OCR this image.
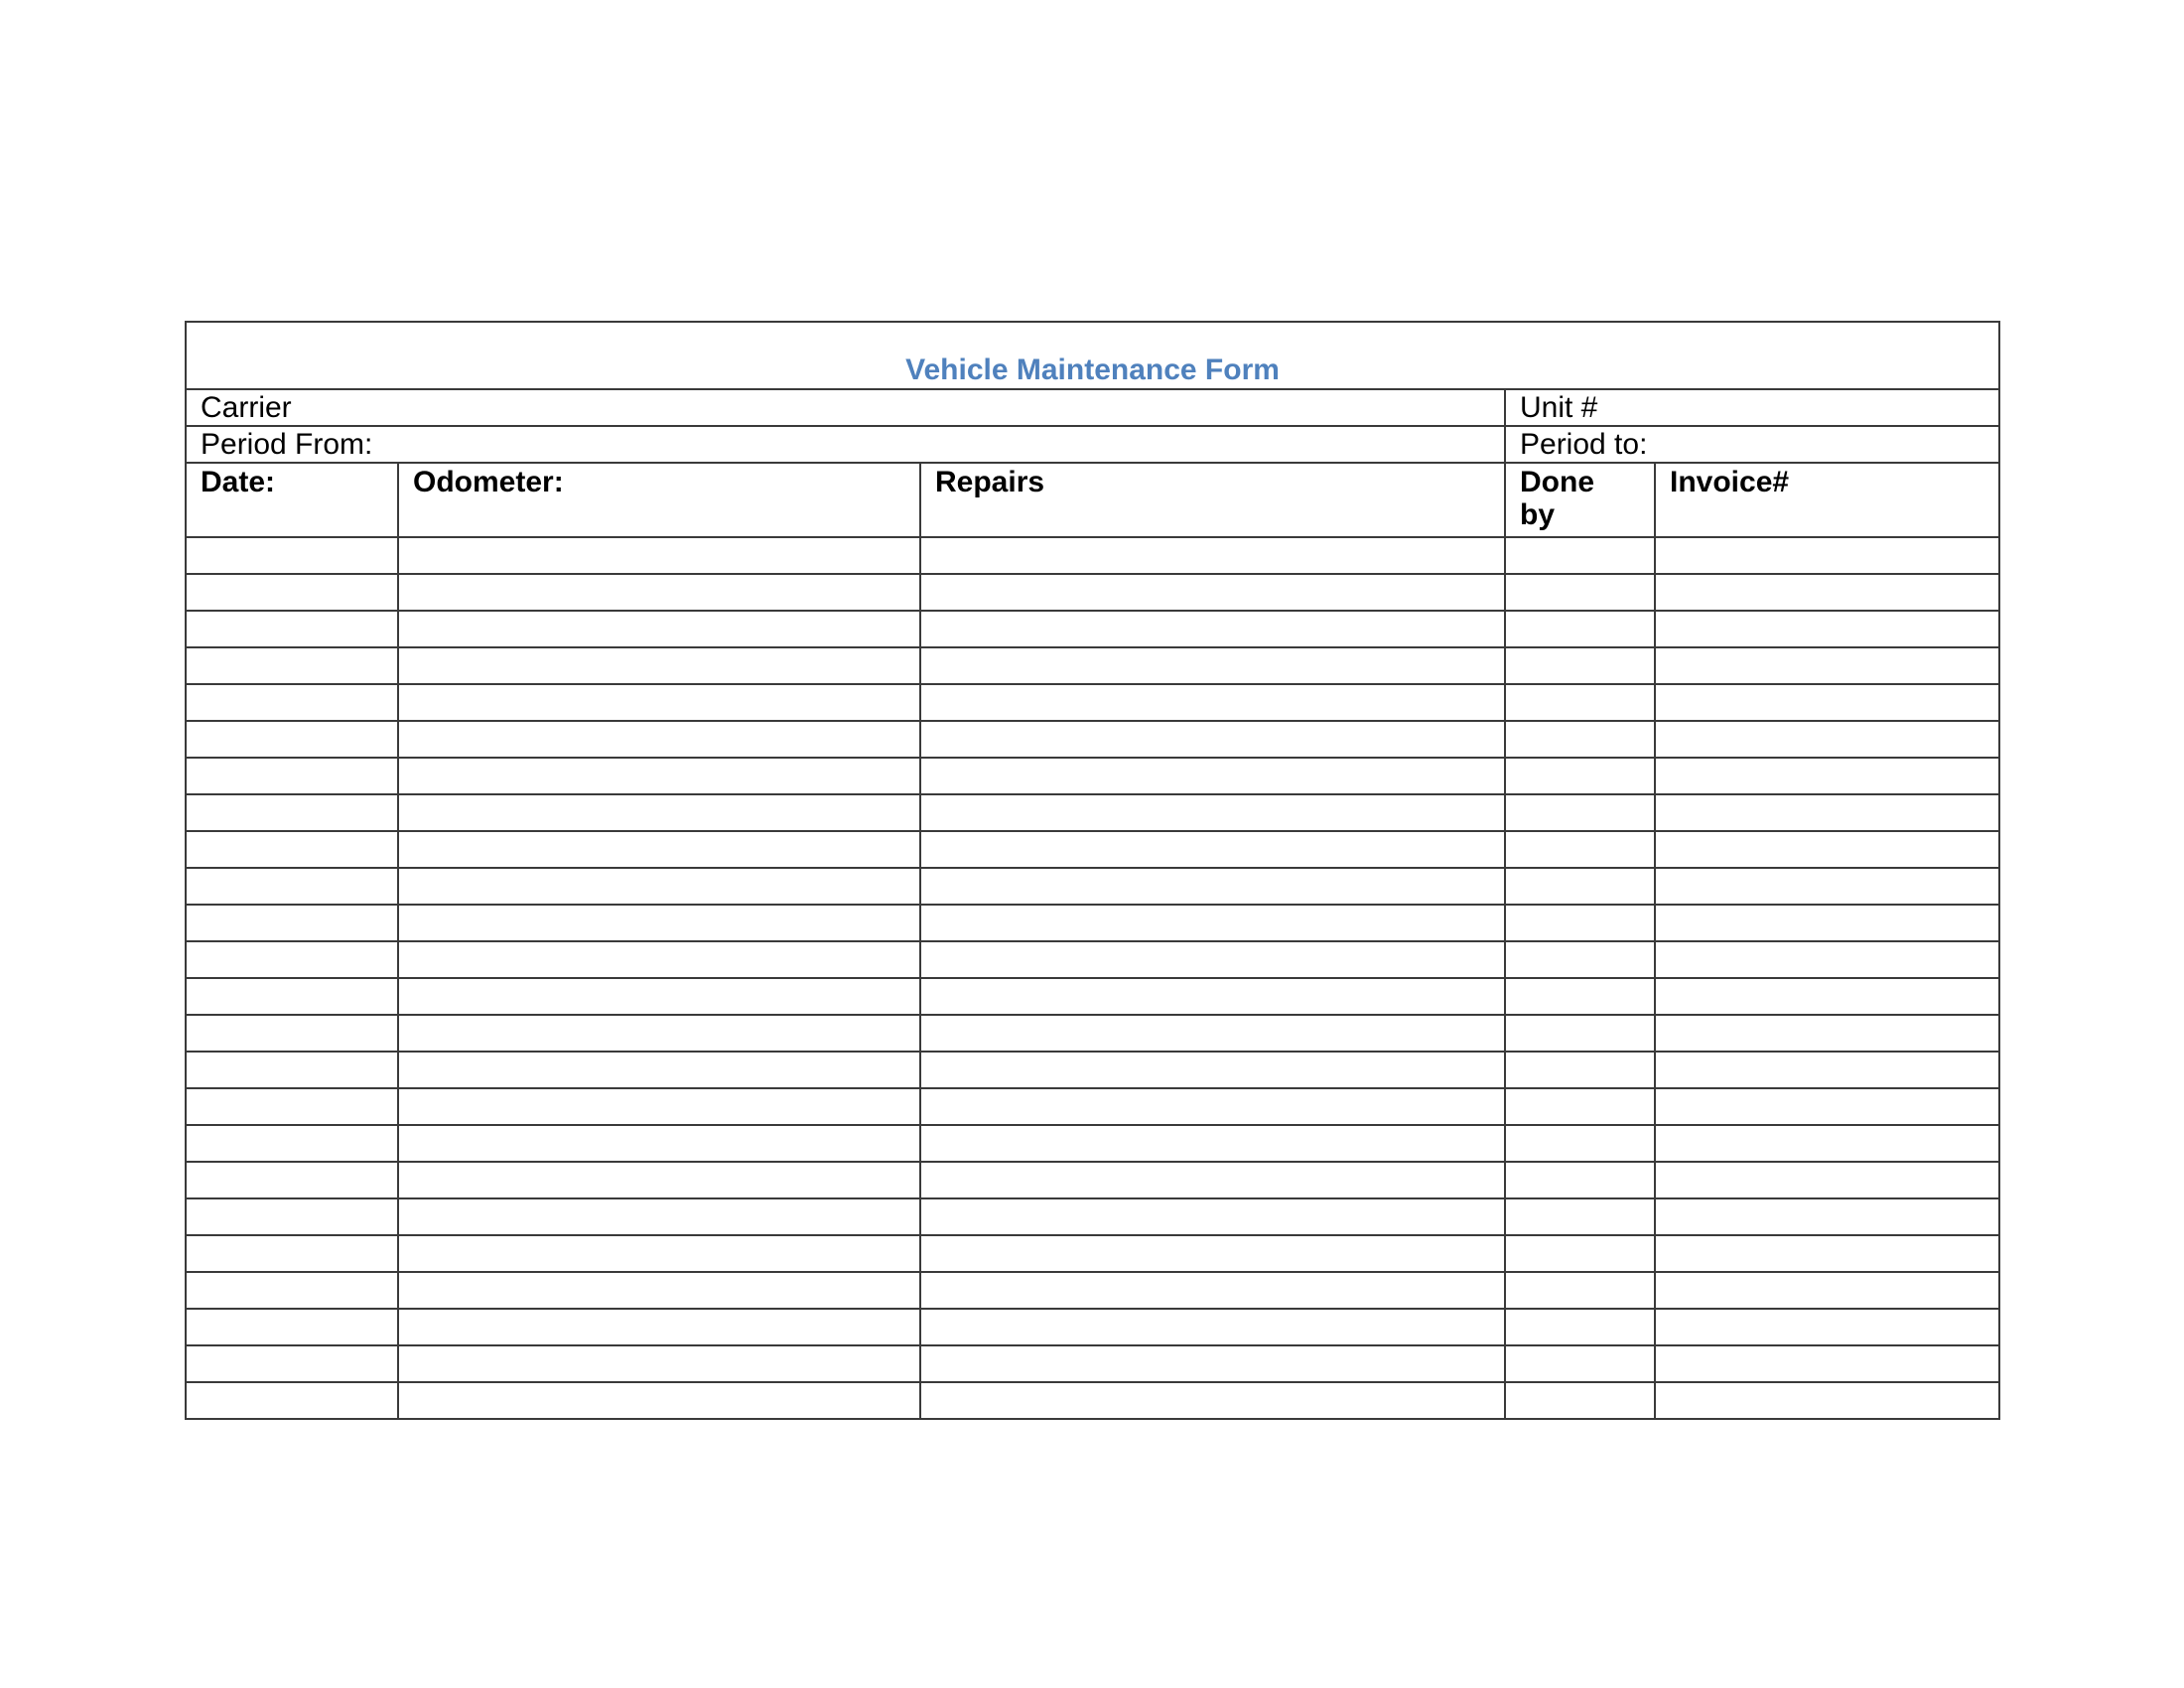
Vehicle Maintenance Form				
Carrier			Unit #	
Period From:			Period to:	
Date:	Odometer:	Repairs	Done by	Invoice#
